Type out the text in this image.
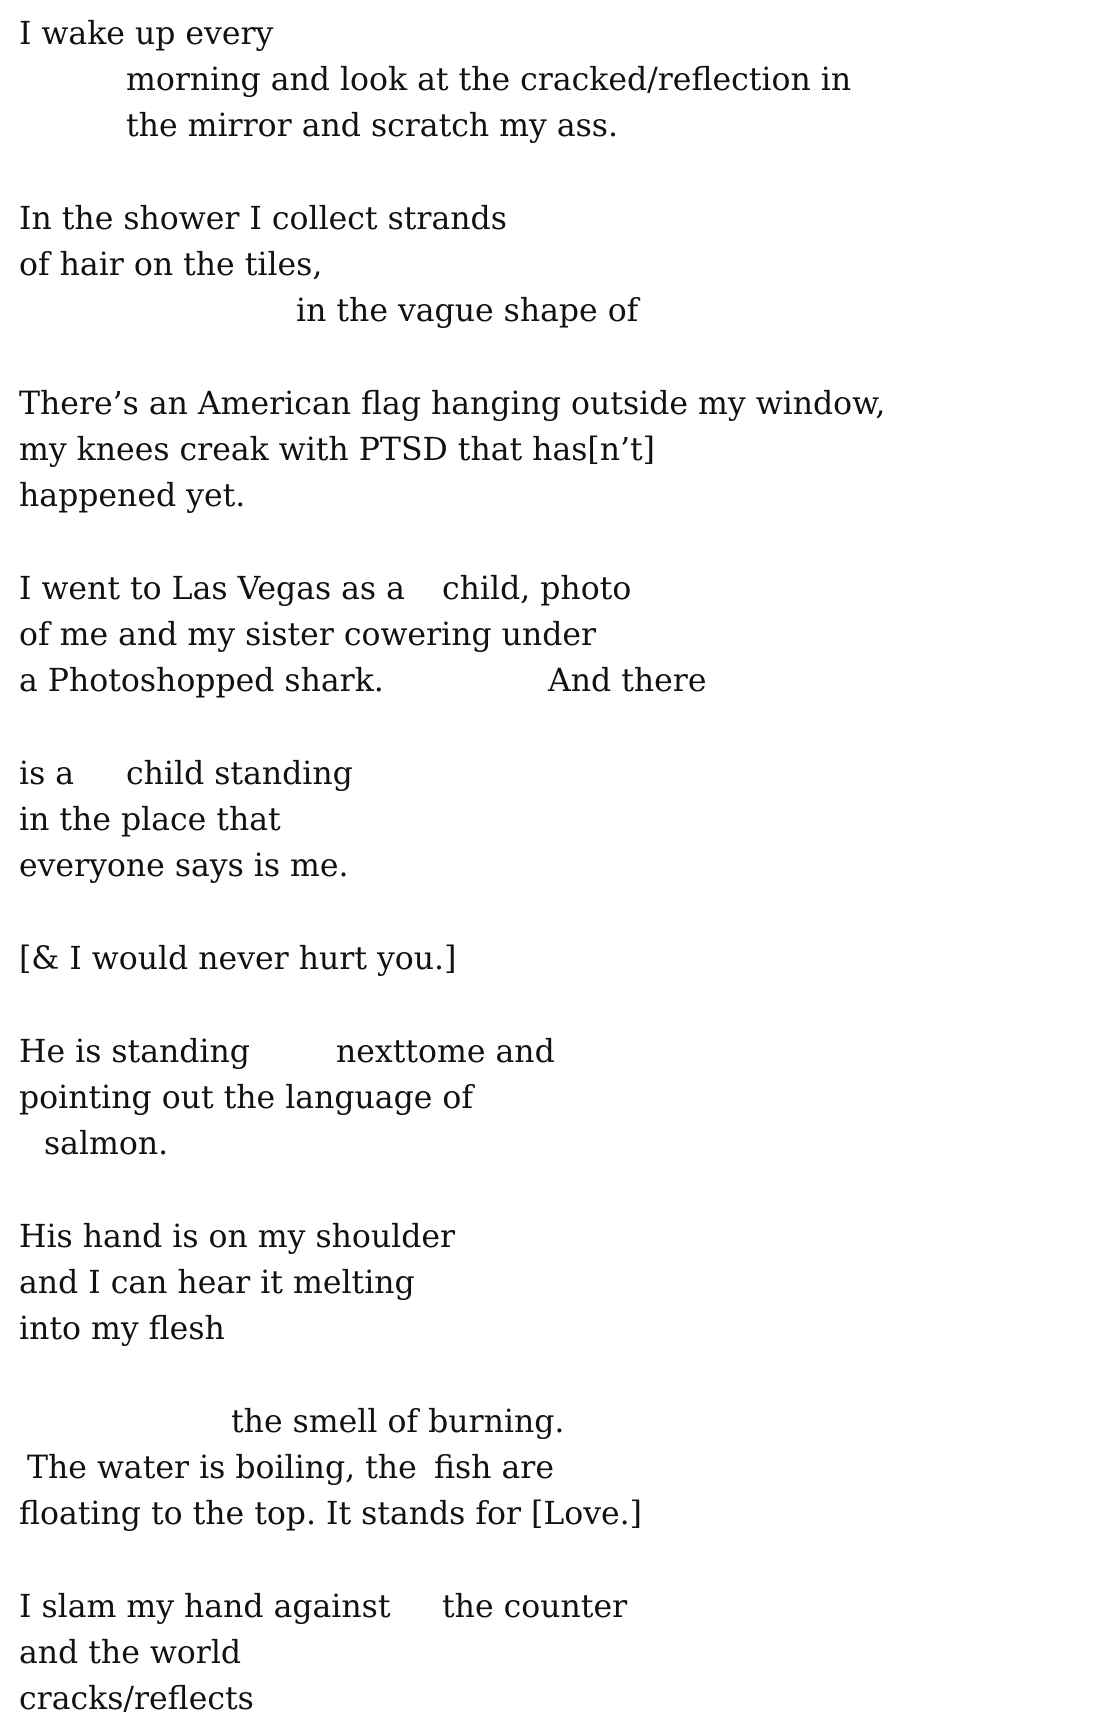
I wake up every
morning and look at the cracked/reflection in
the mirror and scratch my ass.
In the shower I collect strands
of hair on the tiles,
in the vague shape of
There’s an American flag hanging outside my window,
my knees creak with PTSD that has[n’t]
happened yet.
I went to Las Vegas as a child, photo
of me and my sister cowering under
a Photoshopped shark.	And there
is a child standing
in the place that
everyone says is me.
[& I would never hurt you.]
He is standing	nexttome and
pointing out the language of
salmon.
His hand is on my shoulder
and I can hear it melting
into my flesh
the smell of burning.
The water is boiling, the fish are
floating to the top. It stands for [Love.]
I slam my hand against the counter
and the world
cracks/reflects
